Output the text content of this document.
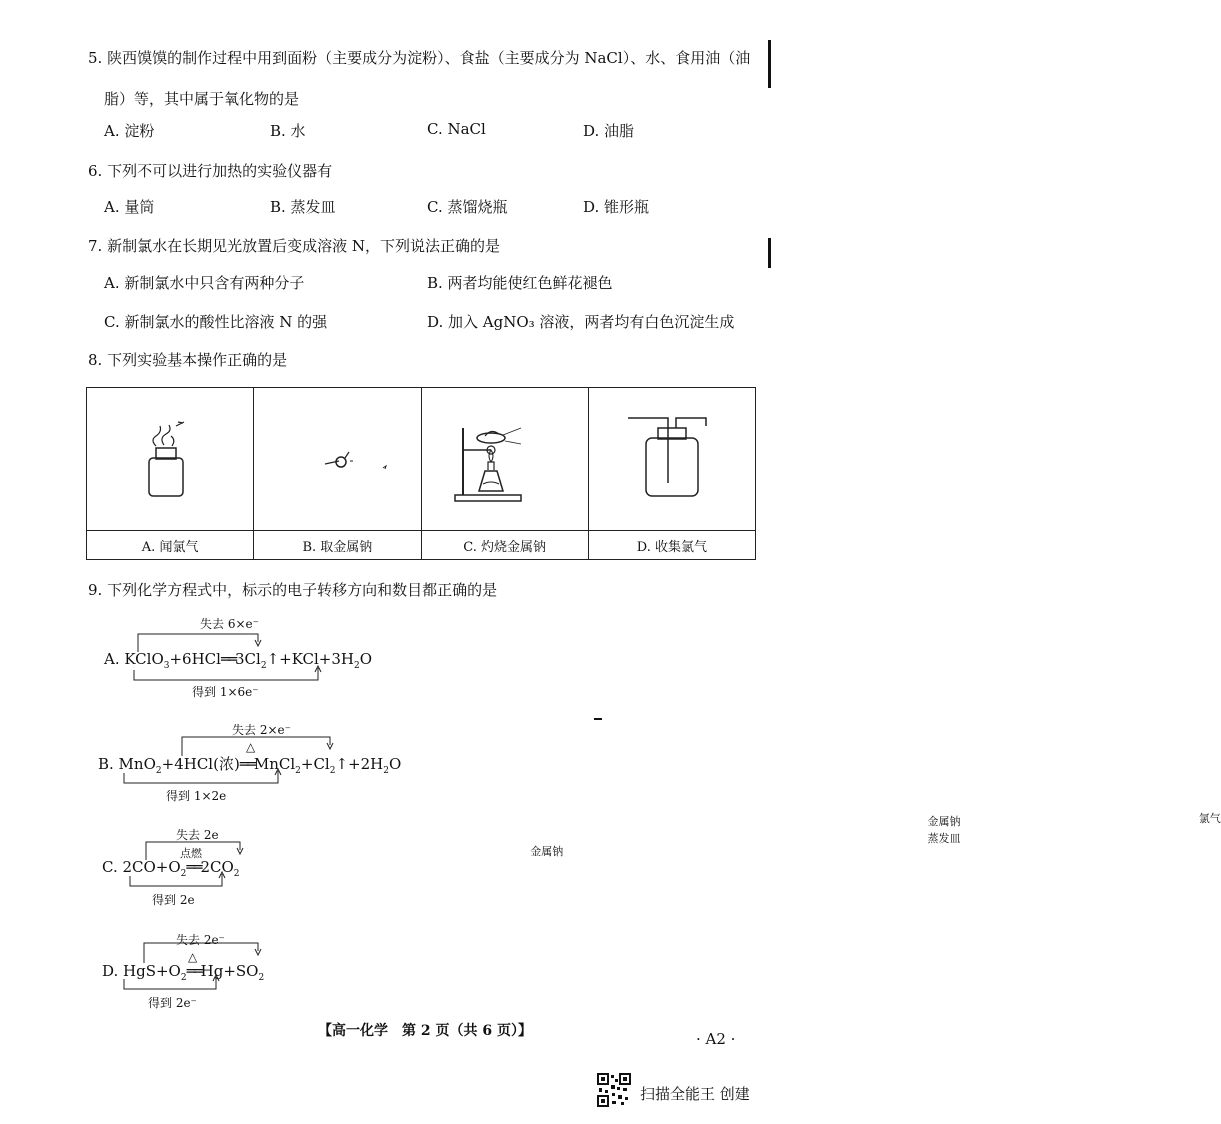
5. 陕西馍馍的制作过程中用到面粉（主要成分为淀粉）、食盐（主要成分为 NaCl）、水、食用油（油
脂）等，其中属于氧化物的是
A. 淀粉	B. 水	C. NaCl	D. 油脂
6. 下列不可以进行加热的实验仪器有
A. 量筒	B. 蒸发皿	C. 蒸馏烧瓶	D. 锥形瓶
7. 新制氯水在长期见光放置后变成溶液 N，下列说法正确的是
A. 新制氯水中只含有两种分子	B. 两者均能使红色鲜花褪色
C. 新制氯水的酸性比溶液 N 的强	D. 加入 AgNO₃ 溶液，两者均有白色沉淀生成
8. 下列实验基本操作正确的是

金属钠	金属钠
蒸发皿	氯气

A. 闻氯气	B. 取金属钠	C. 灼烧金属钠	D. 收集氯气
9. 下列化学方程式中，标示的电子转移方向和数目都正确的是
失去 6×e⁻
A. $KClO_3+6HCl══3Cl_2↑+KCl+3H_2O$
得到 1×6e⁻
失去 2×e⁻
△
B. MnO$_2$+4HCl(浓)$══MnCl_2+Cl_2↑+2H_2O$
得到 1×2e
失去 2e
点燃
C. $2CO+O_2══2CO_2$
得到 2e
失去 2e⁻
△
D. $HgS+O_2══Hg+SO_2$
得到 2e⁻
【高一化学　第 2 页（共 6 页）】	· A2 ·
扫描全能王 创建
